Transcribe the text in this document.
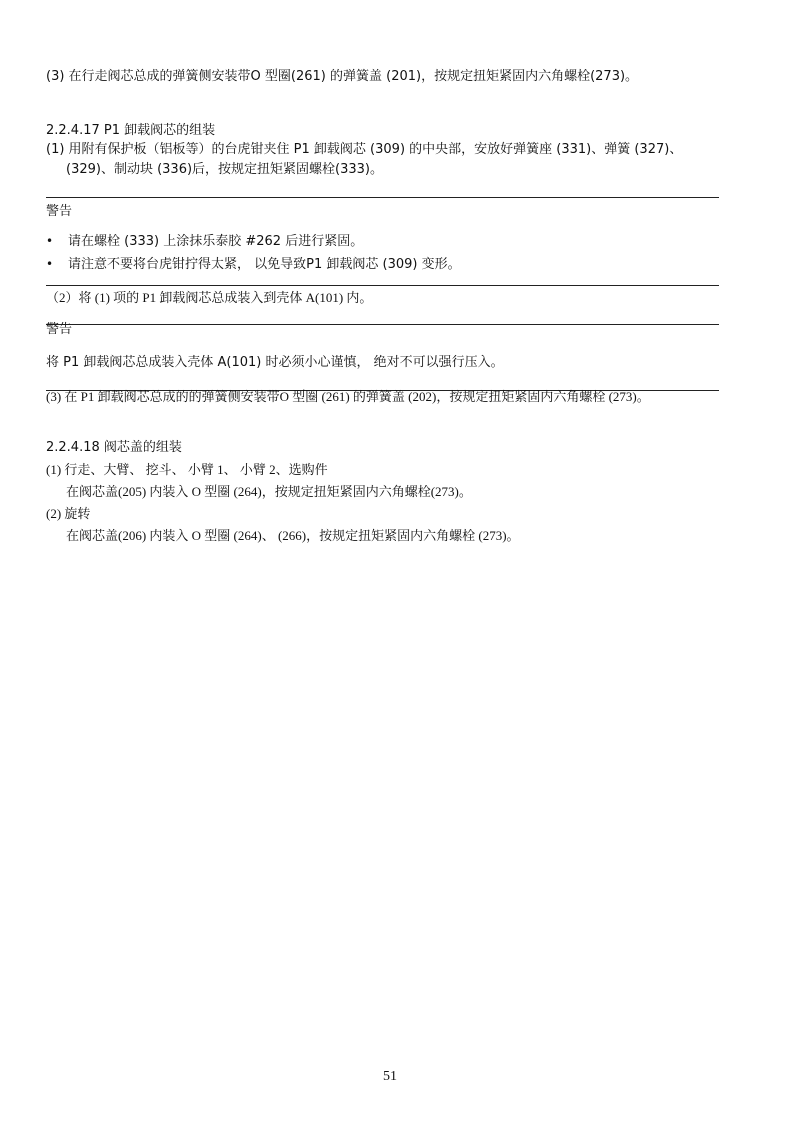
(3) 在行走阀芯总成的弹簧侧安装带O 型圈(261) 的弹簧盖 (201)，按规定扭矩紧固内六角螺栓(273)。
2.2.4.17 P1 卸载阀芯的组装
(1) 用附有保护板（铝板等）的台虎钳夹住 P1 卸载阀芯 (309) 的中央部，安放好弹簧座 (331)、弹簧 (327)、
(329)、制动块 (336)后，按规定扭矩紧固螺栓(333)。
警告
• 请在螺栓 (333) 上涂抹乐泰胶 #262 后进行紧固。
• 请注意不要将台虎钳拧得太紧， 以免导致P1 卸载阀芯 (309) 变形。
（2）将 (1) 项的 P1 卸载阀芯总成装入到壳体 A(101) 内。
警告
将 P1 卸载阀芯总成装入壳体 A(101) 时必须小心谨慎， 绝对不可以强行压入。
(3) 在 P1 卸载阀芯总成的的弹簧侧安装带O 型圈 (261) 的弹簧盖 (202)，按规定扭矩紧固内六角螺栓 (273)。
2.2.4.18 阀芯盖的组装
(1) 行走、大臂、 挖斗、 小臂 1、 小臂 2、选购件
在阀芯盖(205) 内装入 O 型圈 (264)，按规定扭矩紧固内六角螺栓(273)。
(2) 旋转
在阀芯盖(206) 内装入 O 型圈 (264)、 (266)，按规定扭矩紧固内六角螺栓 (273)。
51
